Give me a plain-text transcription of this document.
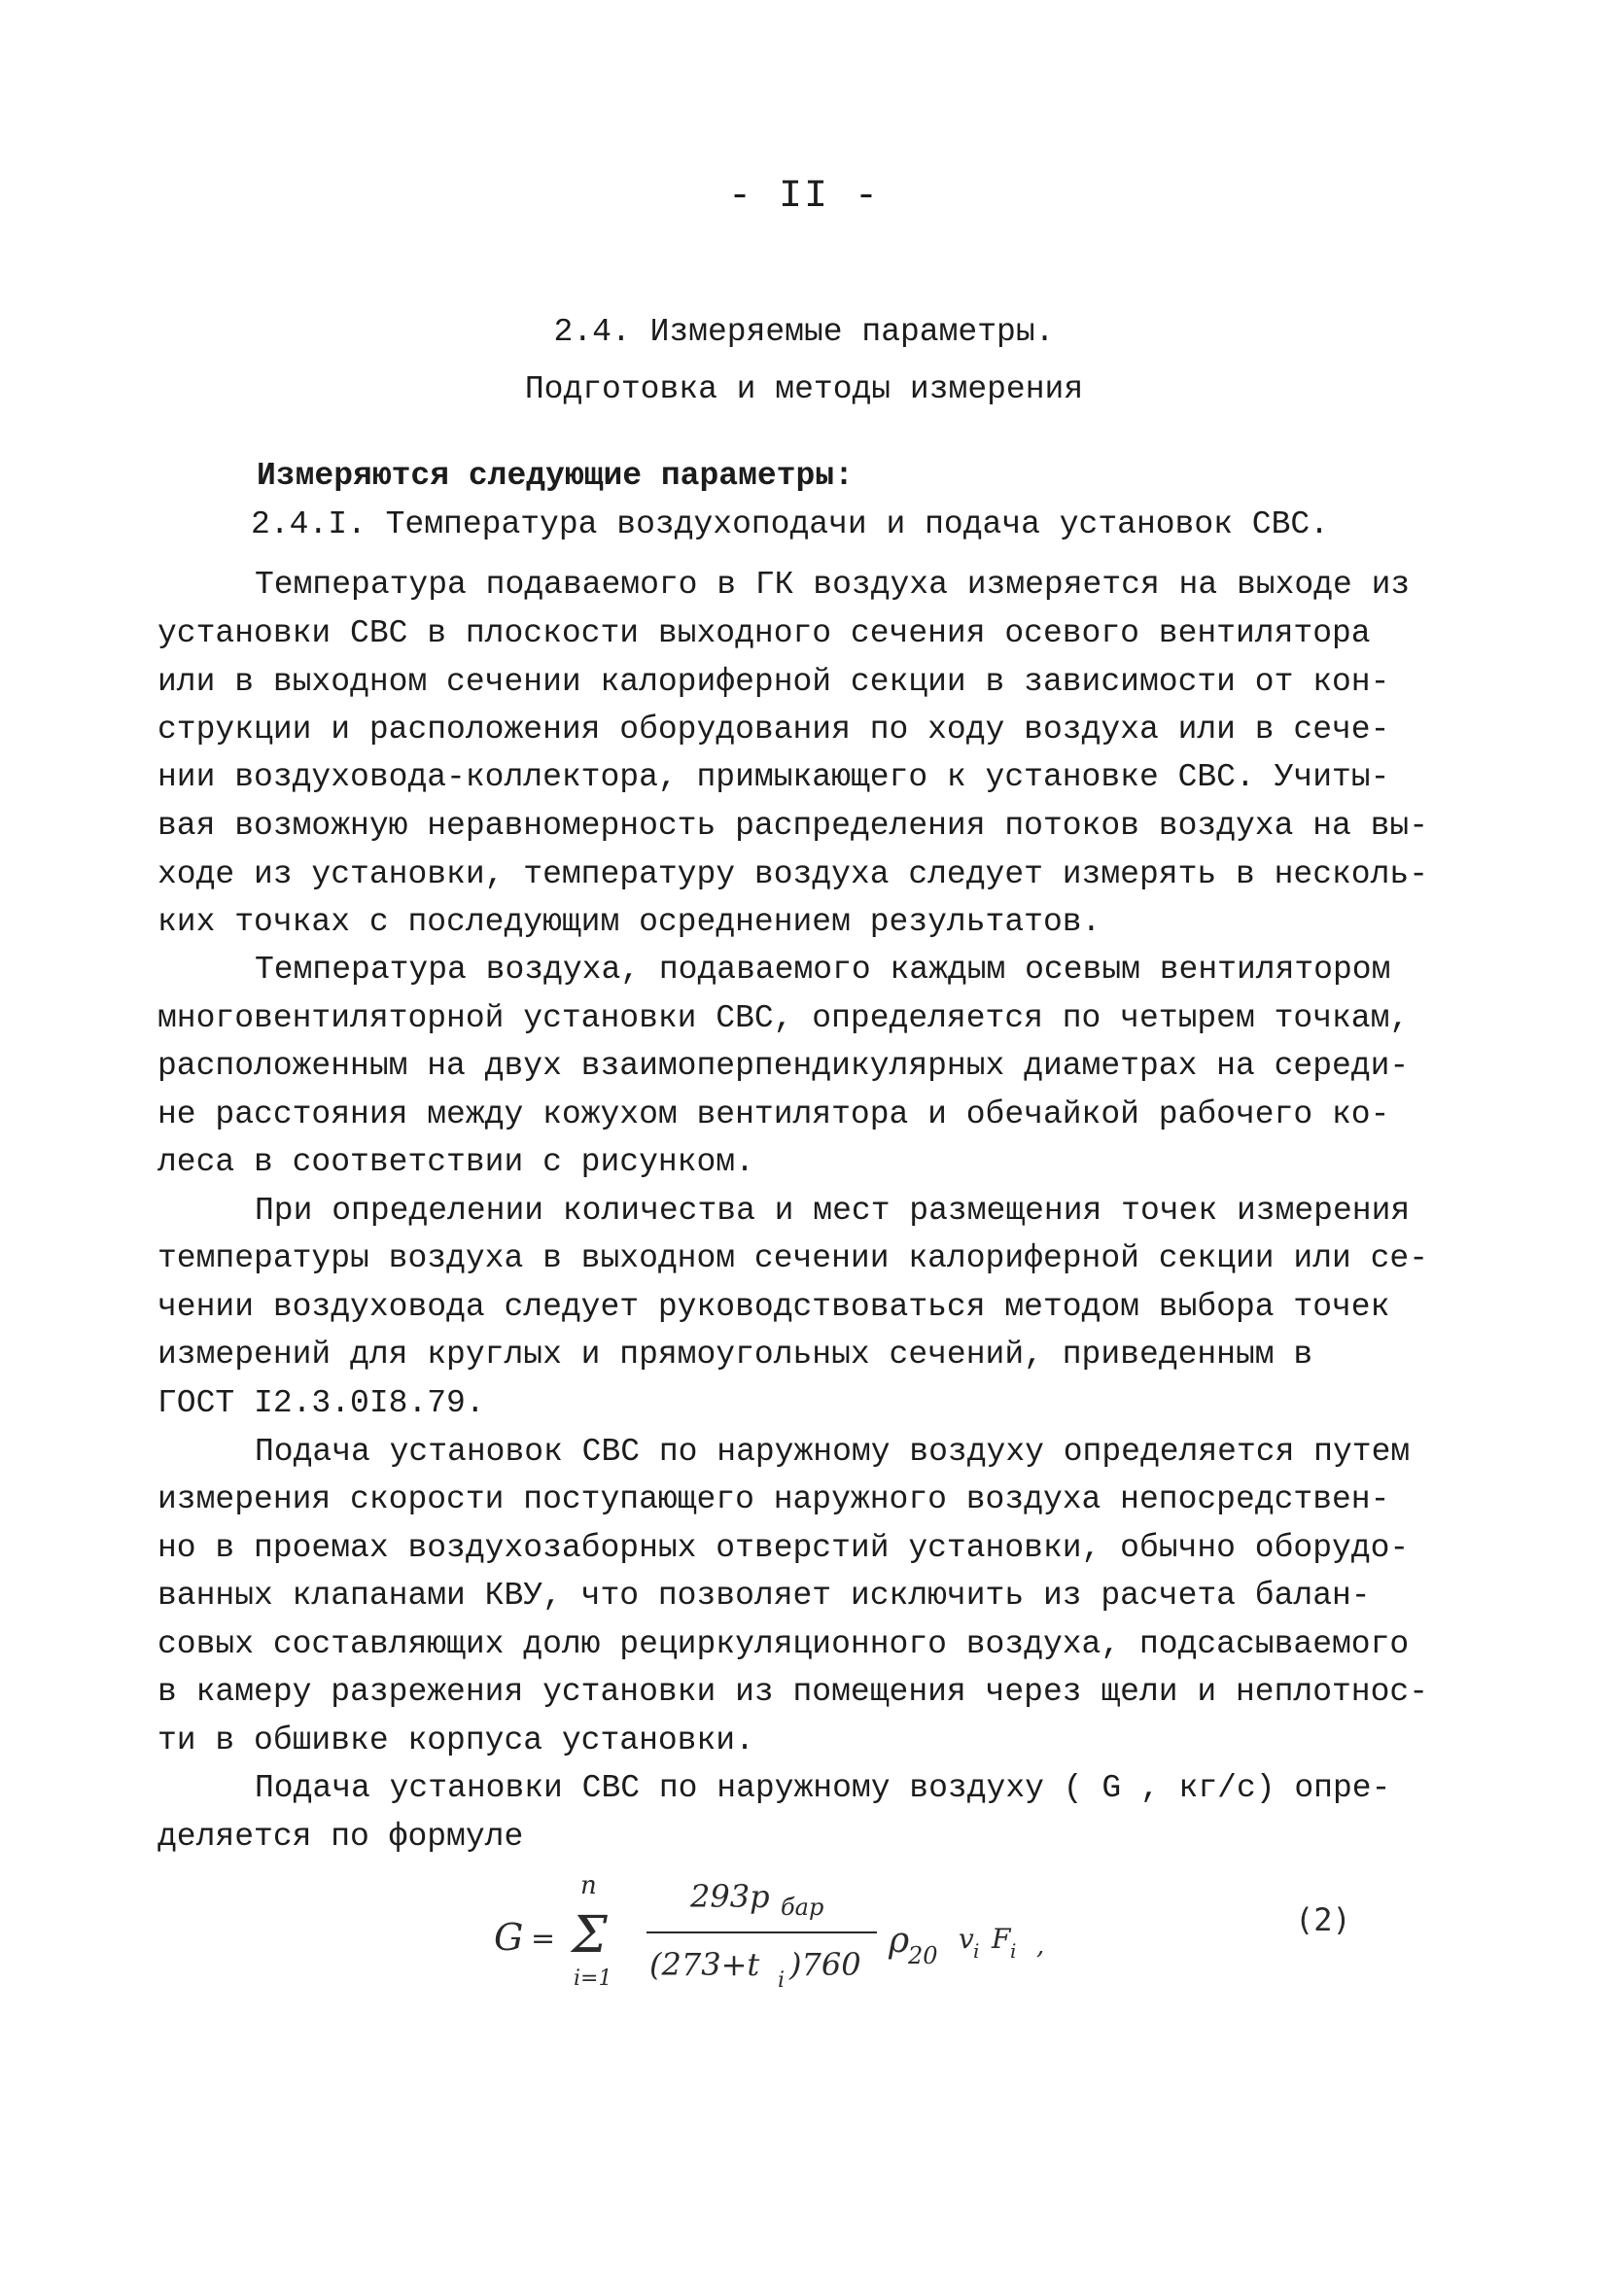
- II -
2.4. Измеряемые параметры.
Подготовка и методы измерения
Измеряются следующие параметры:
2.4.I. Температура воздухоподачи и подача установок СВС.
Температура подаваемого в ГК воздуха измеряется на выходе из
установки СВС в плоскости выходного сечения осевого вентилятора
или в выходном сечении калориферной секции в зависимости от кон-
струкции и расположения оборудования по ходу воздуха или в сече-
нии воздуховода-коллектора, примыкающего к установке СВС. Учиты-
вая возможную неравномерность распределения потоков воздуха на вы-
ходе из установки, температуру воздуха следует измерять в несколь-
ких точках с последующим осреднением результатов.
Температура воздуха, подаваемого каждым осевым вентилятором
многовентиляторной установки СВС, определяется по четырем точкам,
расположенным на двух взаимоперпендикулярных диаметрах на середи-
не расстояния между кожухом вентилятора и обечайкой рабочего ко-
леса в соответствии с рисунком.
При определении количества и мест размещения точек измерения
температуры воздуха в выходном сечении калориферной секции или се-
чении воздуховода следует руководствоваться методом выбора точек
измерений для круглых и прямоугольных сечений, приведенным в
ГОСТ I2.3.0I8.79.
Подача установок СВС по наружному воздуху определяется путем
измерения скорости поступающего наружного воздуха непосредствен-
но в проемах воздухозаборных отверстий установки, обычно оборудо-
ванных клапанами КВУ, что позволяет исключить из расчета балан-
совых составляющих долю рециркуляционного воздуха, подсасываемого
в камеру разрежения установки из помещения через щели и неплотнос-
ти в обшивке корпуса установки.
Подача установки СВС по наружному воздуху ( G , кг/с) опре-
деляется по формуле
G =
n
Σ
i=1
293p бар
(273+t i )760
ρ
20
v i F i ,
(2)
